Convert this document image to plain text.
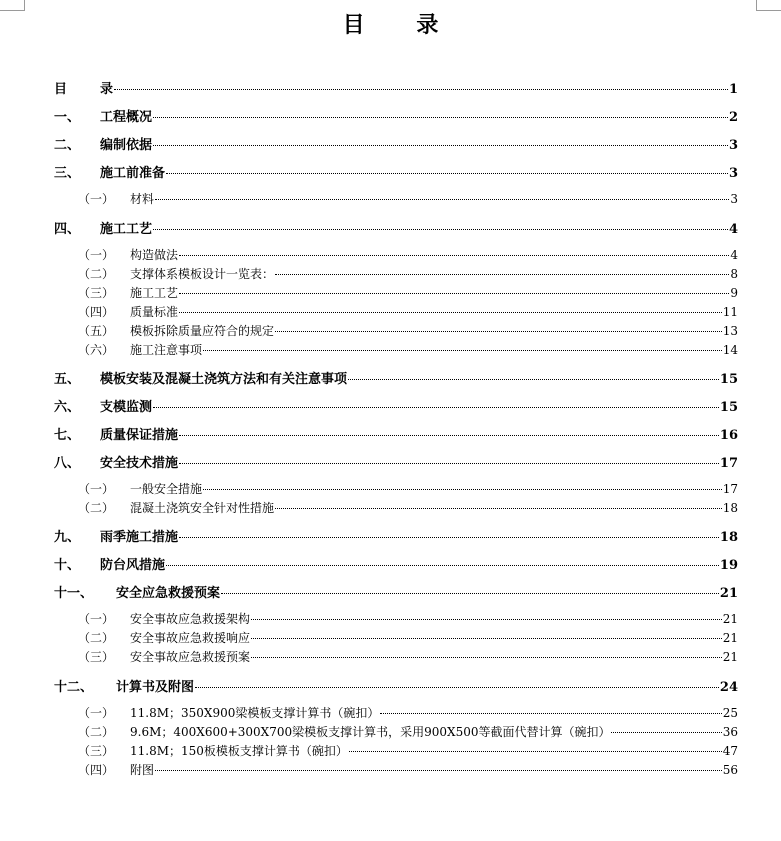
目 录
目	录	1
一、	工程概况	2
二、	编制依据	3
三、	施工前准备	3
（一）	材料	3
四、	施工工艺	4
（一）	构造做法	4
（二）	支撑体系模板设计一览表：	8
（三）	施工工艺	9
（四）	质量标准	11
（五）	模板拆除质量应符合的规定	13
（六）	施工注意事项	14
五、	模板安装及混凝土浇筑方法和有关注意事项	15
六、	支模监测	15
七、	质量保证措施	16
八、	安全技术措施	17
（一）	一般安全措施	17
（二）	混凝土浇筑安全针对性措施	18
九、	雨季施工措施	18
十、	防台风措施	19
十一、	安全应急救援预案	21
（一）	安全事故应急救援架构	21
（二）	安全事故应急救援响应	21
（三）	安全事故应急救援预案	21
十二、	计算书及附图	24
（一）	11.8M；350X900梁模板支撑计算书（碗扣）	25
（二）	9.6M；400X600+300X700梁模板支撑计算书，采用900X500等截面代替计算（碗扣）	36
（三）	11.8M；150板模板支撑计算书（碗扣）	47
（四）	附图	56
